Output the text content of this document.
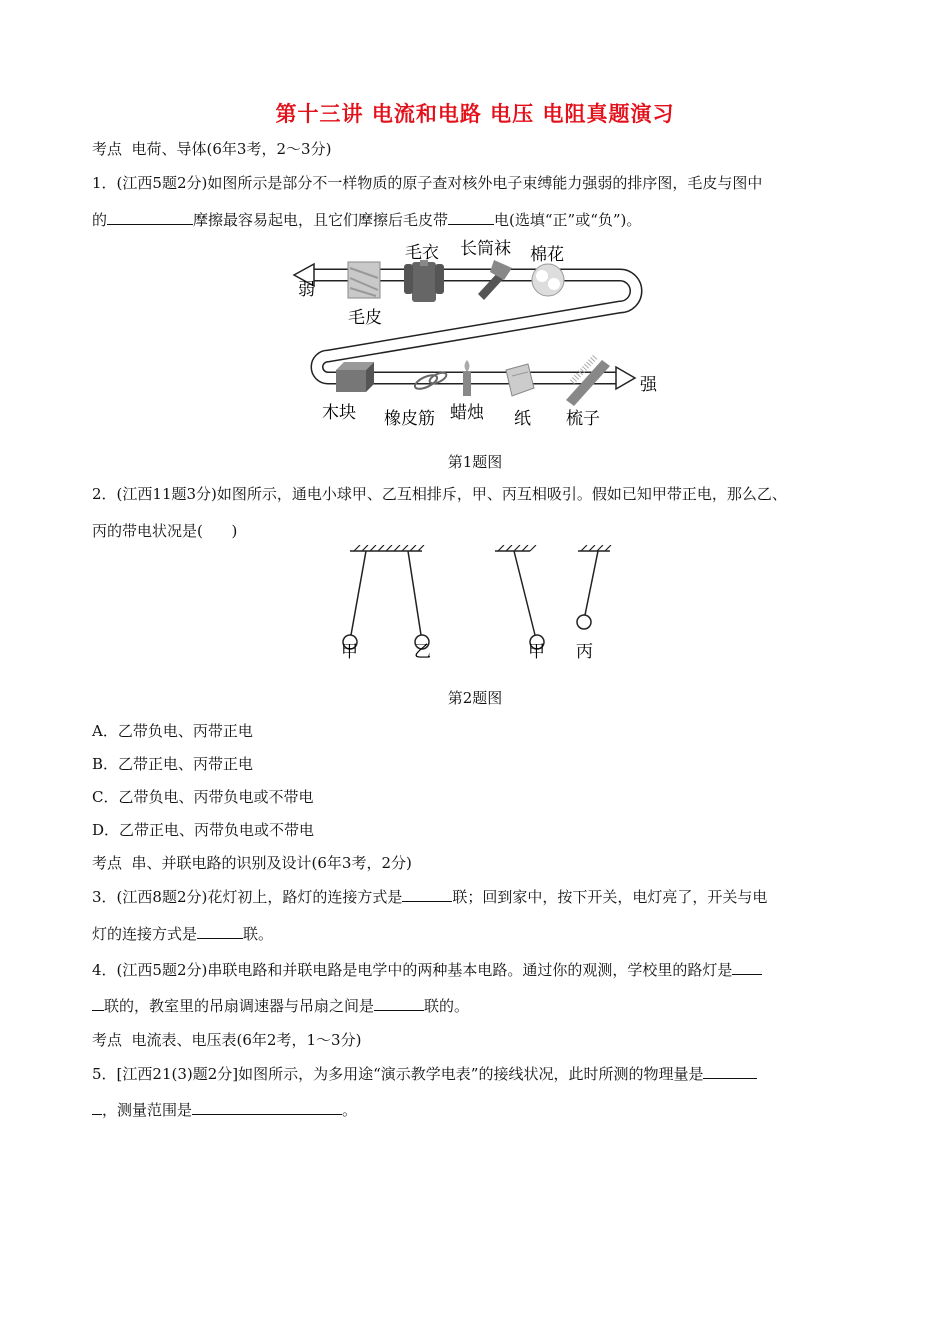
第十三讲 电流和电路 电压 电阻真题演习
考点  电荷、导体(6年3考，2～3分)
1．(江西5题2分)如图所示是部分不一样物质的原子查对核外电子束缚能力强弱的排序图，毛皮与图中
的	摩擦最容易起电，且它们摩擦后毛皮带	电(选填“正”或“负”)。
弱
强
毛衣 长筒袜 棉花
毛皮
木块 橡皮筋 蜡烛 纸 梳子
第1题图
2．(江西11题3分)如图所示，通电小球甲、乙互相排斥，甲、丙互相吸引。假如已知甲带正电，那么乙、
丙的带电状况是(      )
甲	乙	甲 丙
第2题图
A．乙带负电、丙带正电
B．乙带正电、丙带正电
C．乙带负电、丙带负电或不带电
D．乙带正电、丙带负电或不带电
考点  串、并联电路的识别及设计(6年3考，2分)
3．(江西8题2分)花灯初上，路灯的连接方式是	联；回到家中，按下开关，电灯亮了，开关与电
灯的连接方式是	联。
4．(江西5题2分)串联电路和并联电路是电学中的两种基本电路。通过你的观测，学校里的路灯是
联的，教室里的吊扇调速器与吊扇之间是	联的。
考点  电流表、电压表(6年2考，1～3分)
5．[江西21(3)题2分]如图所示，为多用途“演示教学电表”的接线状况，此时所测的物理量是
，测量范围是	。
